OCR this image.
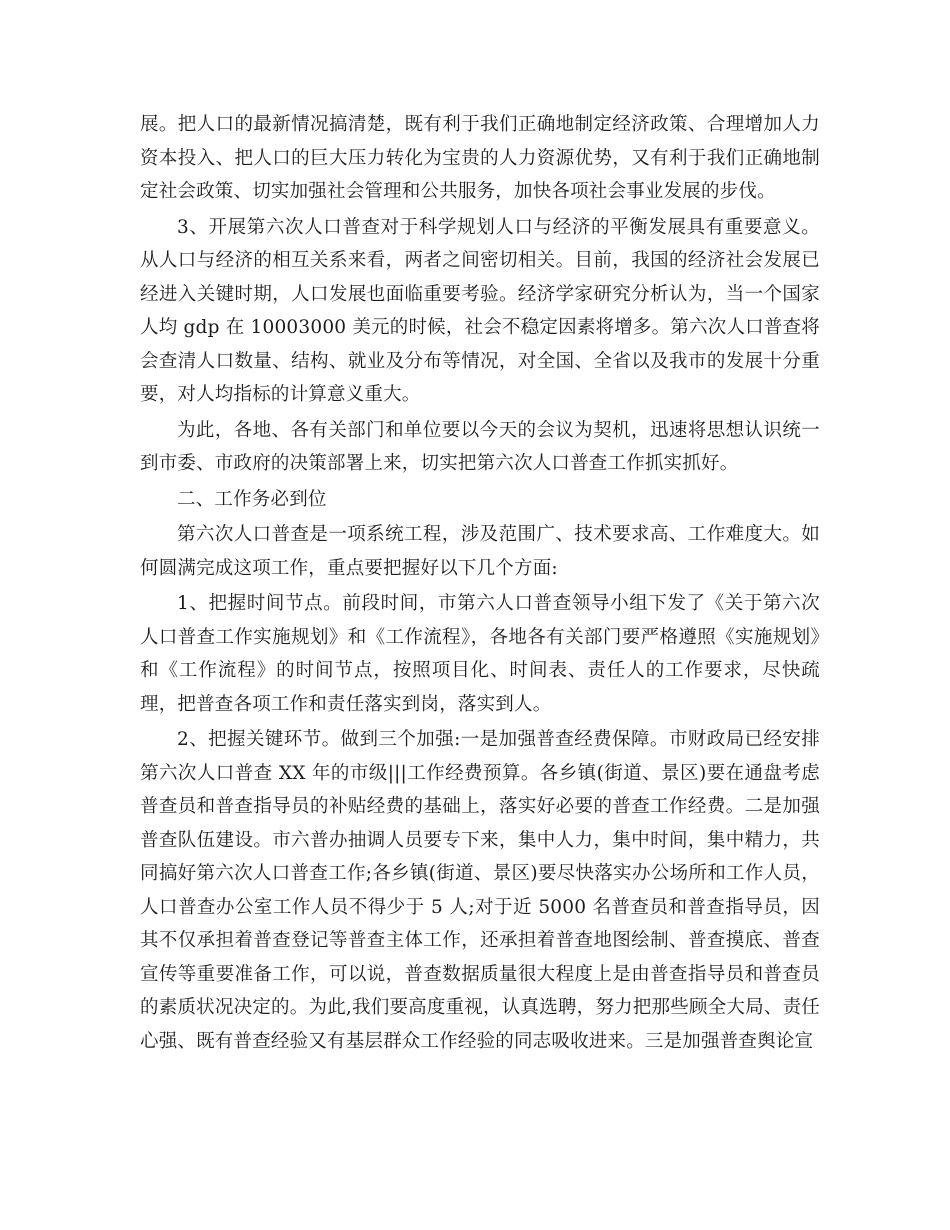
展。把人口的最新情况搞清楚，既有利于我们正确地制定经济政策、合理增加人力资本投入、把人口的巨大压力转化为宝贵的人力资源优势，又有利于我们正确地制定社会政策、切实加强社会管理和公共服务，加快各项社会事业发展的步伐。

3、开展第六次人口普查对于科学规划人口与经济的平衡发展具有重要意义。从人口与经济的相互关系来看，两者之间密切相关。目前，我国的经济社会发展已经进入关键时期，人口发展也面临重要考验。经济学家研究分析认为，当一个国家人均 gdp 在 10003000 美元的时候，社会不稳定因素将增多。第六次人口普查将会查清人口数量、结构、就业及分布等情况，对全国、全省以及我市的发展十分重要，对人均指标的计算意义重大。

为此，各地、各有关部门和单位要以今天的会议为契机，迅速将思想认识统一到市委、市政府的决策部署上来，切实把第六次人口普查工作抓实抓好。

二、工作务必到位

第六次人口普查是一项系统工程，涉及范围广、技术要求高、工作难度大。如何圆满完成这项工作，重点要把握好以下几个方面:

1、把握时间节点。前段时间，市第六人口普查领导小组下发了《关于第六次人口普查工作实施规划》和《工作流程》，各地各有关部门要严格遵照《实施规划》和《工作流程》的时间节点，按照项目化、时间表、责任人的工作要求，尽快疏理，把普查各项工作和责任落实到岗，落实到人。

2、把握关键环节。做到三个加强:一是加强普查经费保障。市财政局已经安排第六次人口普查 XX 年的市级|||工作经费预算。各乡镇(街道、景区)要在通盘考虑普查员和普查指导员的补贴经费的基础上，落实好必要的普查工作经费。二是加强普查队伍建设。市六普办抽调人员要专下来，集中人力，集中时间，集中精力，共同搞好第六次人口普查工作;各乡镇(街道、景区)要尽快落实办公场所和工作人员，人口普查办公室工作人员不得少于 5 人;对于近 5000 名普查员和普查指导员，因其不仅承担着普查登记等普查主体工作，还承担着普查地图绘制、普查摸底、普查宣传等重要准备工作，可以说，普查数据质量很大程度上是由普查指导员和普查员的素质状况决定的。为此,我们要高度重视，认真选聘，努力把那些顾全大局、责任心强、既有普查经验又有基层群众工作经验的同志吸收进来。三是加强普查舆论宣
